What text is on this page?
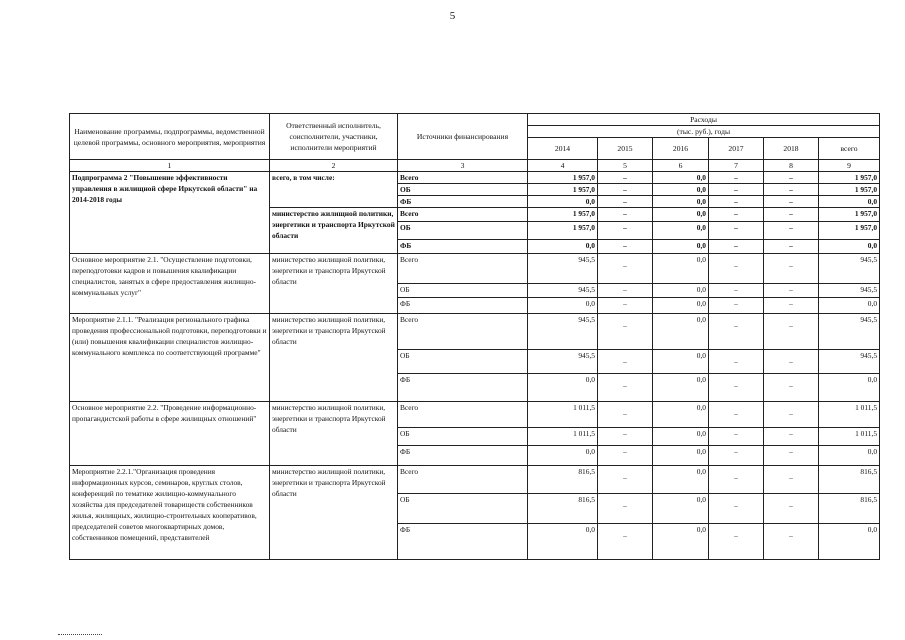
5
Наименование программы, подпрограммы, ведомственной целевой программы, основного мероприятия, мероприятия	Ответственный исполнитель, соисполнители, участники, исполнители мероприятий	Источники финансирования	Расходы					
			(тыс. руб.), годы					
			2014	2015	2016	2017	2018	всего
1	2	3	4	5	6	7	8	9
Подпрограмма 2 "Повышение эффективности управления в жилищной сфере Иркутской области" на 2014-2018 годы	всего, в том числе:	Всего	1 957,0	–	0,0	–	–	1 957,0
		ОБ	1 957,0	–	0,0	–	–	1 957,0
		ФБ	0,0	–	0,0	–	–	0,0
	министерство жилищной политики, энергетики и транспорта Иркутской области	Всего	1 957,0	–	0,0	–	–	1 957,0
		ОБ	1 957,0	–	0,0	–	–	1 957,0
		ФБ	0,0	–	0,0	–	–	0,0
Основное мероприятие 2.1. "Осуществление подготовки, переподготовки кадров и повышения квалификации специалистов, занятых в сфере предоставления жилищно-коммунальных услуг"	министерство жилищной политики, энергетики и транспорта Иркутской области	Всего	945,5	–	0,0	–	–	945,5
		ОБ	945,5	–	0,0	–	–	945,5
		ФБ	0,0	–	0,0	–	–	0,0
Мероприятие 2.1.1. "Реализация регионального графика проведения профессиональной подготовки, переподготовки и (или) повышения квалификации специалистов жилищно-коммунального комплекса по соответствующей программе"	министерство жилищной политики, энергетики и транспорта Иркутской области	Всего	945,5	–	0,0	–	–	945,5
		ОБ	945,5	–	0,0	–	–	945,5
		ФБ	0,0	–	0,0	–	–	0,0
Основное мероприятие 2.2. "Проведение информационно-пропагандистской работы в сфере жилищных отношений"	министерство жилищной политики, энергетики и транспорта Иркутской области	Всего	1 011,5	–	0,0	–	–	1 011,5
		ОБ	1 011,5	–	0,0	–	–	1 011,5
		ФБ	0,0	–	0,0	–	–	0,0
Мероприятие 2.2.1."Организация проведения информационных курсов, семинаров, круглых столов, конференций по тематике жилищно-коммунального хозяйства для председателей товариществ собственников жилья, жилищных, жилищно-строительных кооперативов, председателей советов многоквартирных домов, собственников помещений, представителей	министерство жилищной политики, энергетики и транспорта Иркутской области	Всего	816,5	–	0,0	–	–	816,5
		ОБ	816,5	–	0,0	–	–	816,5
		ФБ	0,0	–	0,0	–	–	0,0
